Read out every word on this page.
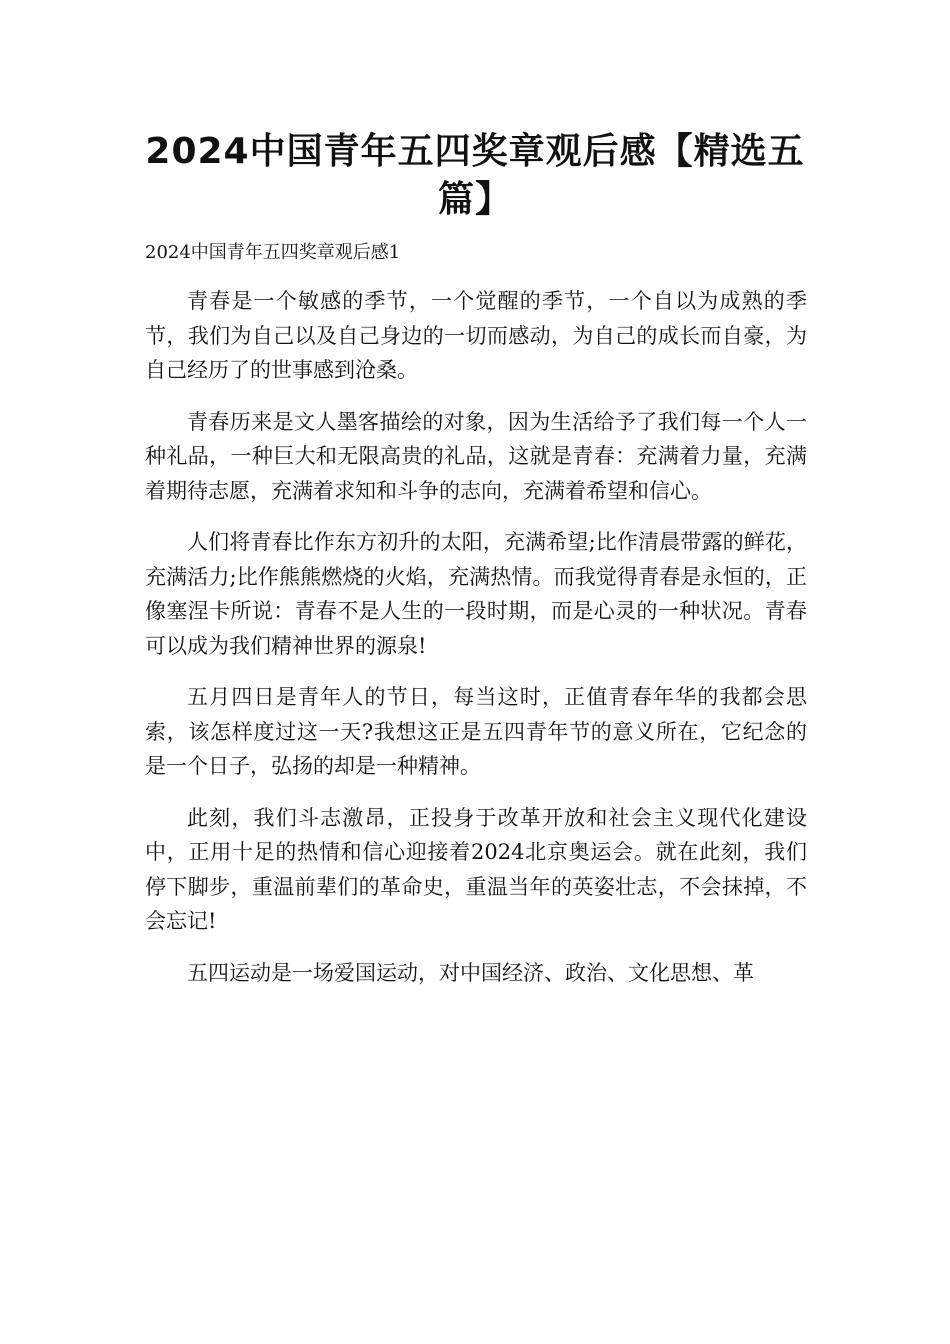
2024中国青年五四奖章观后感【精选五篇】
2024中国青年五四奖章观后感1

青春是一个敏感的季节，一个觉醒的季节，一个自以为成熟的季节，我们为自己以及自己身边的一切而感动，为自己的成长而自豪，为自己经历了的世事感到沧桑。

青春历来是文人墨客描绘的对象，因为生活给予了我们每一个人一种礼品，一种巨大和无限高贵的礼品，这就是青春：充满着力量，充满着期待志愿，充满着求知和斗争的志向，充满着希望和信心。

人们将青春比作东方初升的太阳，充满希望;比作清晨带露的鲜花，充满活力;比作熊熊燃烧的火焰，充满热情。而我觉得青春是永恒的，正像塞涅卡所说：青春不是人生的一段时期，而是心灵的一种状况。青春可以成为我们精神世界的源泉!

五月四日是青年人的节日，每当这时，正值青春年华的我都会思索，该怎样度过这一天?我想这正是五四青年节的意义所在，它纪念的是一个日子，弘扬的却是一种精神。

此刻，我们斗志激昂，正投身于改革开放和社会主义现代化建设中，正用十足的热情和信心迎接着2024北京奥运会。就在此刻，我们停下脚步，重温前辈们的革命史，重温当年的英姿壮志，不会抹掉，不会忘记!

五四运动是一场爱国运动，对中国经济、政治、文化思想、革
